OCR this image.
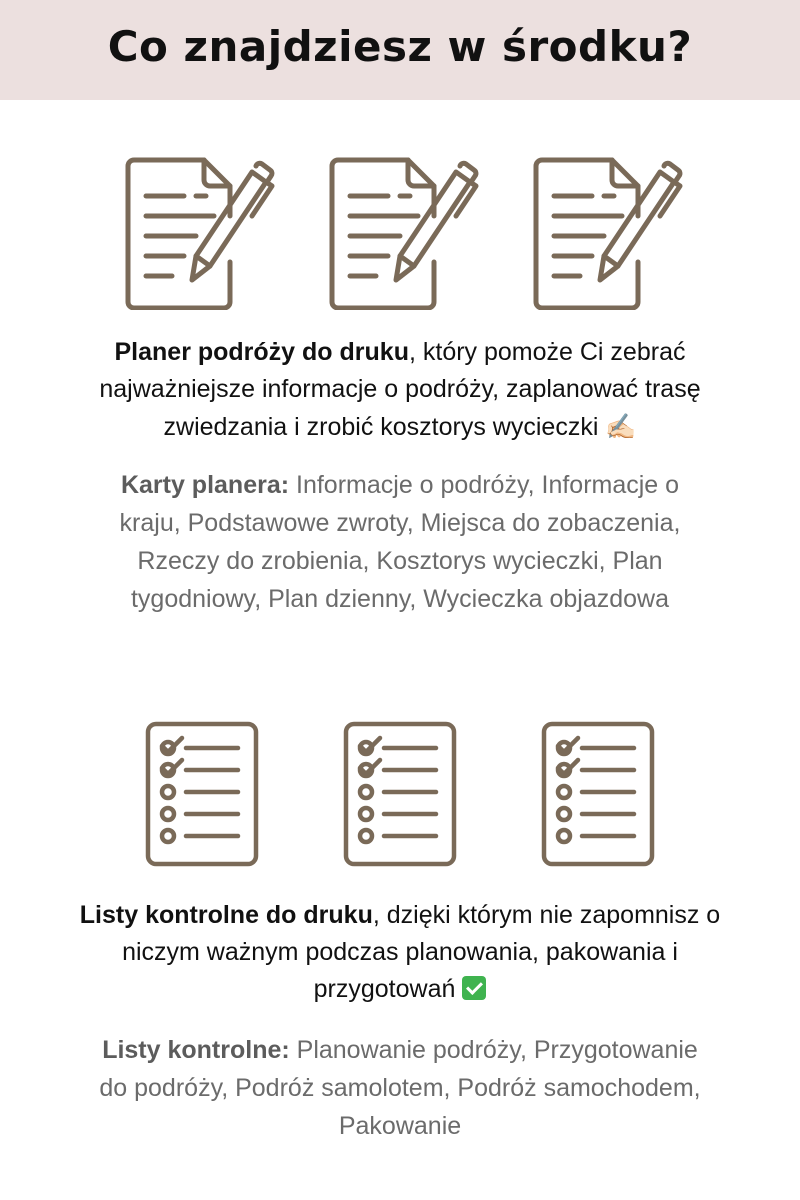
Co znajdziesz w środku?

Planer podróży do druku, który pomoże Ci zebrać najważniejsze informacje o podróży, zaplanować trasę zwiedzania i zrobić kosztorys wycieczki ✍🏻

Karty planera: Informacje o podróży, Informacje o kraju, Podstawowe zwroty, Miejsca do zobaczenia, Rzeczy do zrobienia, Kosztorys wycieczki, Plan tygodniowy, Plan dzienny, Wycieczka objazdowa

Listy kontrolne do druku, dzięki którym nie zapomnisz o niczym ważnym podczas planowania, pakowania i przygotowań

Listy kontrolne: Planowanie podróży, Przygotowanie do podróży, Podróż samolotem, Podróż samochodem, Pakowanie
